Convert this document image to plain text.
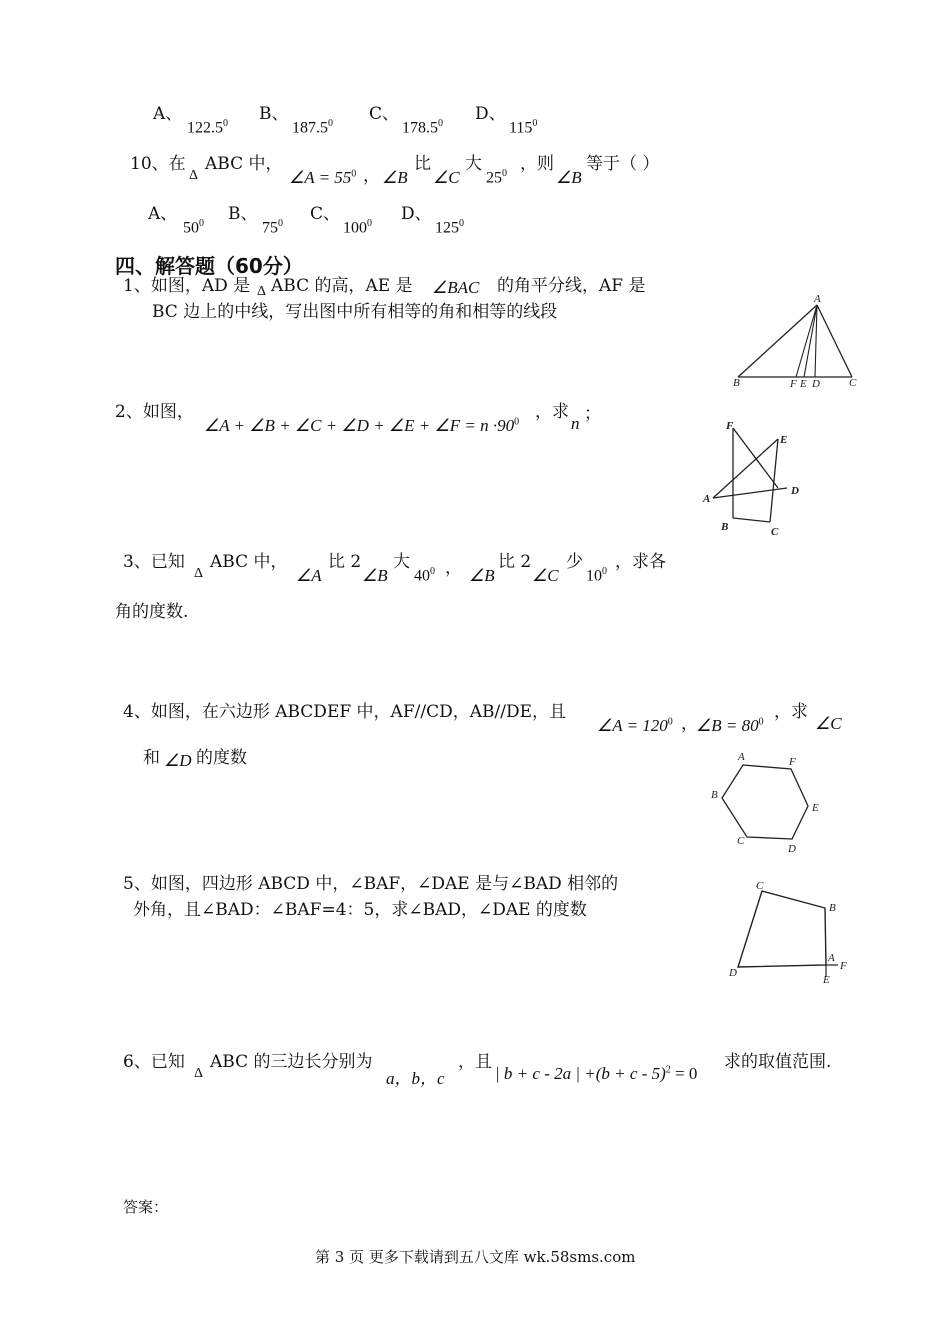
A、
122.5$^0$ B、
187.5$^0$ C、
178.5$^0$ D、
$115^0$
10、在
Δ
ABC 中，
∠A = $55^0$ ， ∠B
比
∠C
大
$25^0$ ，则
∠B
等于（ ）
A、
$50^0$ B、
$75^0$ C、
$100^0$ D、
$125^0$
四、解答题（60分）
1、如图，AD 是 Δ ABC 的高，AE 是 ∠BAC 的角平分线，AF 是
BC 边上的中线，写出图中所有相等的角和相等的线段
A
B	F E D	C
2、如图，
∠A + ∠B + ∠C + ∠D + ∠E + ∠F = $n \cdot 90^0$ ，求
n ；
F
E
A
D
B	C
3、已知
Δ
ABC 中，
∠A
比 2
∠B
大
$40^0$ ， ∠B
比 2
∠C
少
$10^0$ ，求各
角的度数.
4、如图，在六边形 ABCDEF 中，AF//CD，AB//DE，且
∠A = $120^0$ ，
∠B = $80^0$ ，求
∠C
和 ∠D 的度数	A	F
B
E
C
D
5、如图，四边形 ABCD 中，∠BAF，∠DAE 是与∠BAD 相邻的
外角，且∠BAD：∠BAF=4：5，求∠BAD，∠DAE 的度数
C
B
A
F
D
E
6、已知
Δ
ABC 的三边长分别为
a，b，c
，且
| b + c - 2a | $+(b + c - 5)^2 = 0$
求的取值范围.
答案：
第 3 页 更多下载请到五八文库 wk.58sms.com
